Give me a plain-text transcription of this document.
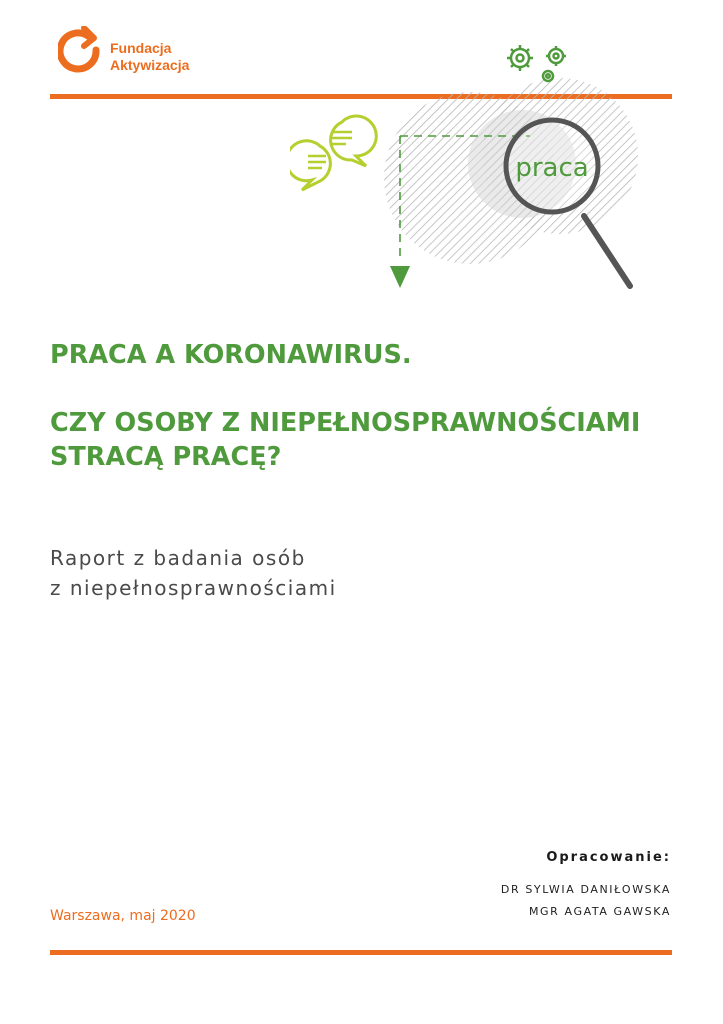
Fundacja
Aktywizacja
praca
PRACA A KORONAWIRUS.
CZY OSOBY Z NIEPEŁNOSPRAWNOŚCIAMI
STRACĄ PRACĘ?
Raport z badania osób
z niepełnosprawnościami
Opracowanie:
DR SYLWIA DANIŁOWSKA
MGR AGATA GAWSKA
Warszawa, maj 2020
